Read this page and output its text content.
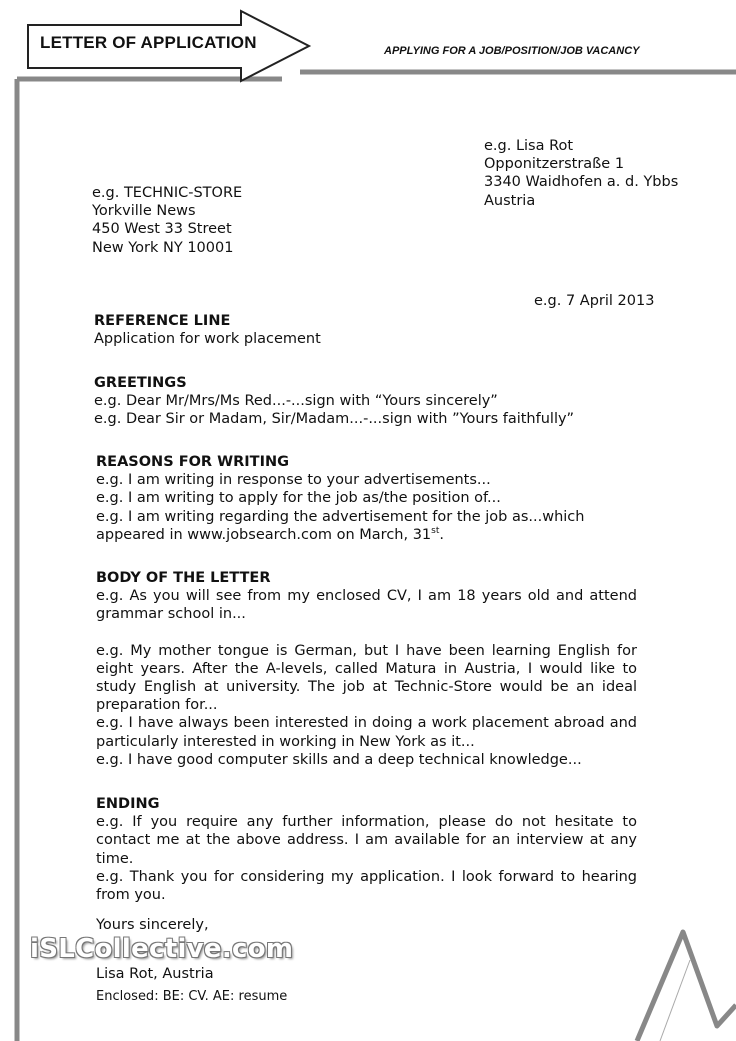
LETTER OF APPLICATION	APPLYING FOR A JOB/POSITION/JOB VACANCY
e.g. Lisa Rot
Opponitzerstraße 1
3340 Waidhofen a. d. Ybbs
Austria
e.g. TECHNIC-STORE
Yorkville News
450 West 33 Street
New York NY 10001
e.g. 7 April 2013
REFERENCE LINE
Application for work placement
GREETINGS
e.g. Dear Mr/Mrs/Ms Red...-...sign with “Yours sincerely”
e.g. Dear Sir or Madam, Sir/Madam...-...sign with ”Yours faithfully”
REASONS FOR WRITING
e.g. I am writing in response to your advertisements...
e.g. I am writing to apply for the job as/the position of...
e.g. I am writing regarding the advertisement for the job as...which
appeared in www.jobsearch.com on March, 31st.
BODY OF THE LETTER
e.g. As you will see from my enclosed CV, I am 18 years old and attend grammar school in...
e.g. My mother tongue is German, but I have been learning English for eight years. After the A-levels, called Matura in Austria, I would like to study English at university. The job at Technic-Store would be an ideal preparation for...
e.g. I have always been interested in doing a work placement abroad and particularly interested in working in New York as it...
e.g. I have good computer skills and a deep technical knowledge...
ENDING
e.g. If you require any further information, please do not hesitate to contact me at the above address. I am available for an interview at any time.
e.g. Thank you for considering my application. I look forward to hearing from you.
Yours sincerely,
iSLCollective.com
Lisa Rot, Austria
Enclosed: BE: CV. AE: resume
